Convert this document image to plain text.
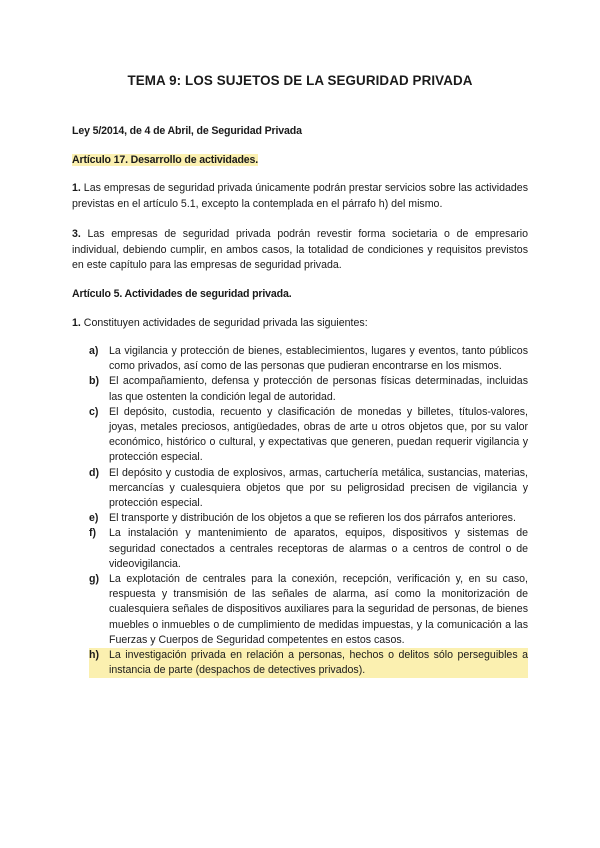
TEMA 9: LOS SUJETOS DE LA SEGURIDAD PRIVADA
Ley 5/2014, de 4 de Abril, de Seguridad Privada
Artículo 17. Desarrollo de actividades.
1. Las empresas de seguridad privada únicamente podrán prestar servicios sobre las actividades previstas en el artículo 5.1, excepto la contemplada en el párrafo h) del mismo.
3. Las empresas de seguridad privada podrán revestir forma societaria o de empresario individual, debiendo cumplir, en ambos casos, la totalidad de condiciones y requisitos previstos en este capítulo para las empresas de seguridad privada.
Artículo 5. Actividades de seguridad privada.
1. Constituyen actividades de seguridad privada las siguientes:
a) La vigilancia y protección de bienes, establecimientos, lugares y eventos, tanto públicos como privados, así como de las personas que pudieran encontrarse en los mismos.
b) El acompañamiento, defensa y protección de personas físicas determinadas, incluidas las que ostenten la condición legal de autoridad.
c) El depósito, custodia, recuento y clasificación de monedas y billetes, títulos-valores, joyas, metales preciosos, antigüedades, obras de arte u otros objetos que, por su valor económico, histórico o cultural, y expectativas que generen, puedan requerir vigilancia y protección especial.
d) El depósito y custodia de explosivos, armas, cartuchería metálica, sustancias, materias, mercancías y cualesquiera objetos que por su peligrosidad precisen de vigilancia y protección especial.
e) El transporte y distribución de los objetos a que se refieren los dos párrafos anteriores.
f) La instalación y mantenimiento de aparatos, equipos, dispositivos y sistemas de seguridad conectados a centrales receptoras de alarmas o a centros de control o de videovigilancia.
g) La explotación de centrales para la conexión, recepción, verificación y, en su caso, respuesta y transmisión de las señales de alarma, así como la monitorización de cualesquiera señales de dispositivos auxiliares para la seguridad de personas, de bienes muebles o inmuebles o de cumplimiento de medidas impuestas, y la comunicación a las Fuerzas y Cuerpos de Seguridad competentes en estos casos.
h) La investigación privada en relación a personas, hechos o delitos sólo perseguibles a instancia de parte (despachos de detectives privados).
